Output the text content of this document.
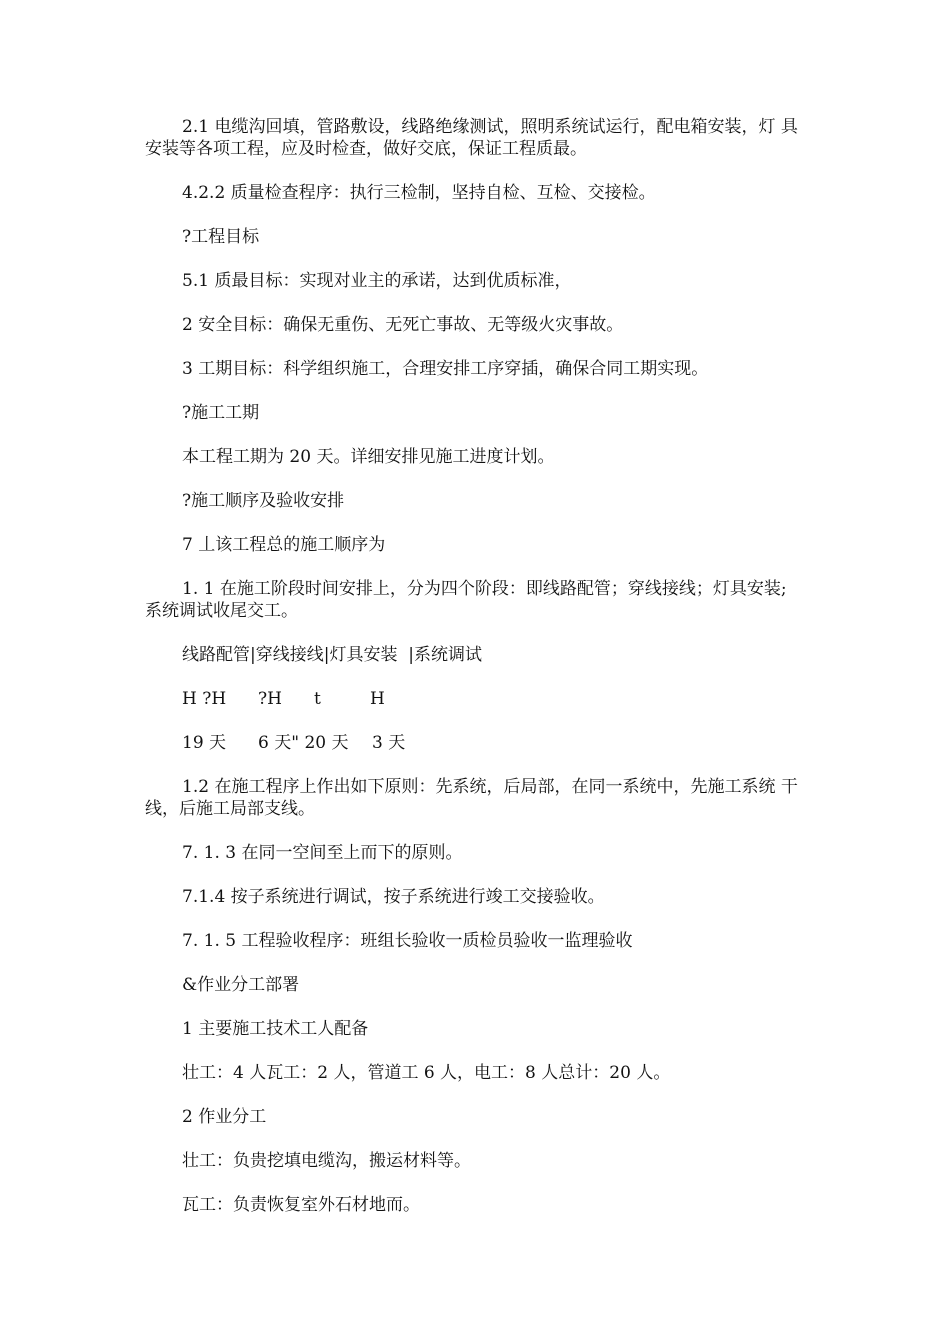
2.1 电缆沟回填，管路敷设，线路绝缘测试，照明系统试运行，配电箱安装，灯 具安装等各项工程，应及时检查，做好交底，保证工程质最。

4.2.2 质量检查程序：执行三检制，坚持自检、互检、交接检。

?工程目标

5.1 质最目标：实现对业主的承诺，达到优质标准，

2 安全目标：确保无重伤、无死亡事故、无等级火灾事故。

3 工期目标：科学组织施工，合理安排工序穿插，确保合同工期实现。

?施工工期

本工程工期为 20 天。详细安排见施工进度计划。

?施工顺序及验收安排

7 丄该工程总的施工顺序为

1. 1 在施工阶段时间安排上，分为四个阶段：即线路配管；穿线接线；灯具安装; 系统调试收尾交工。

线路配管|穿线接线|灯具安装  |系统调试

H ?H ?H t	H

19 天 6 天" 20 天 3 天

1.2 在施工程序上作出如下原则：先系统，后局部，在同一系统中，先施工系统 干线，后施工局部支线。

7. 1. 3 在同一空间至上而下的原则。

7.1.4 按子系统进行调试，按子系统进行竣工交接验收。

7. 1. 5 工程验收程序：班组长验收一质检员验收一监理验收

&作业分工部署

1 主要施工技术工人配备

壮工：4 人瓦工：2 人，管道工 6 人，电工：8 人总计：20 人。

2 作业分工

壮工：负贵挖填电缆沟，搬运材料等。

瓦工：负责恢复室外石材地而。
